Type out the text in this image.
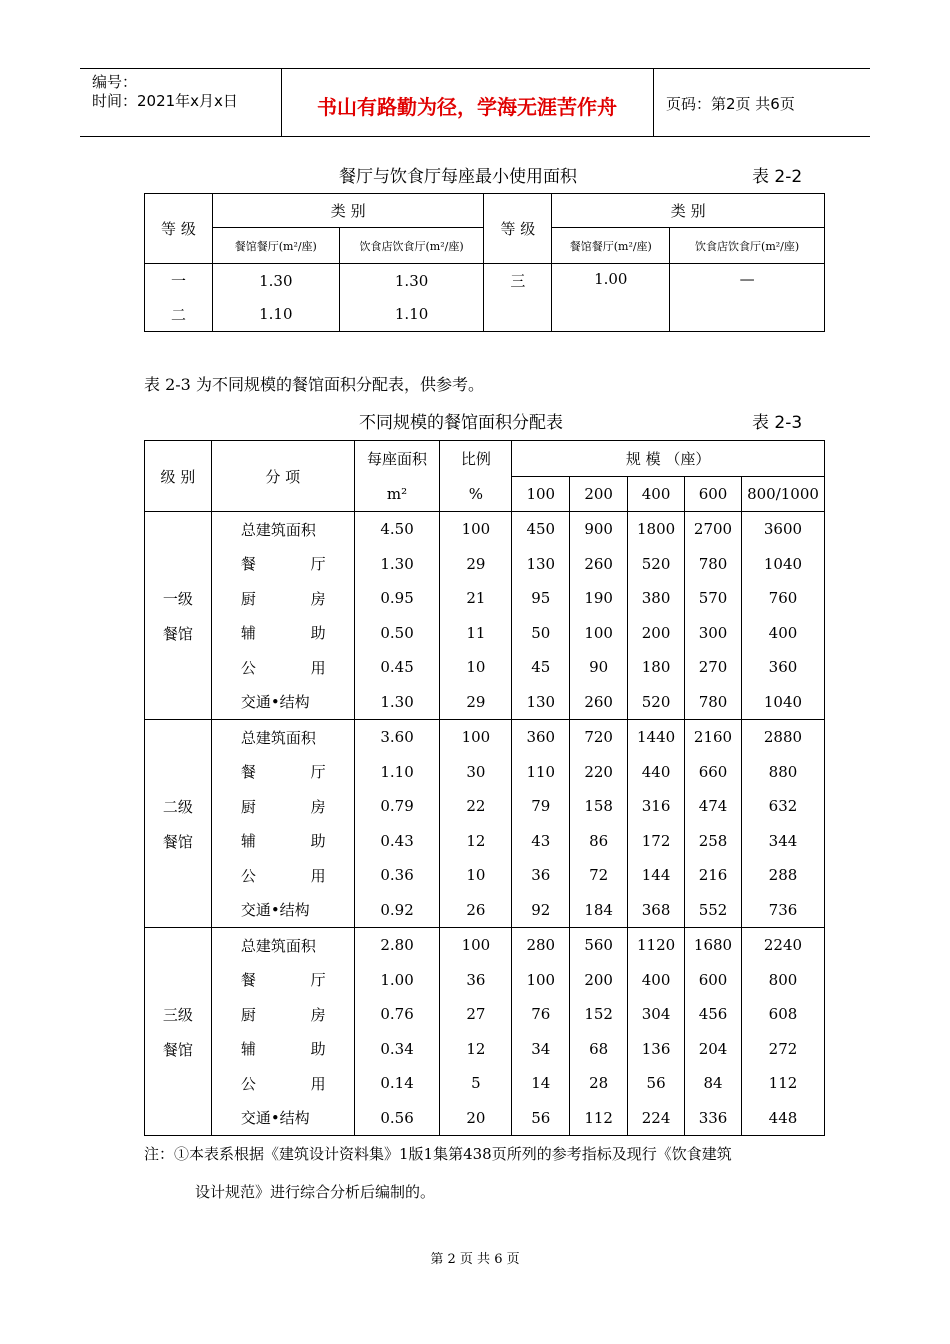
编号：
时间：2021年x月x日	书山有路勤为径，学海无涯苦作舟	页码：第2页 共6页
餐厅与饮食厅每座最小使用面积	表 2-2
等 级	类 别		等 级	类 别	
	餐馆餐厅(m²/座)	饮食店饮食厅(m²/座)		餐馆餐厅(m²/座)	饮食店饮食厅(m²/座)
一	1.30	1.30	三	1.00	—
二	1.10	1.10			
表 2-3 为不同规模的餐馆面积分配表，供参考。
不同规模的餐馆面积分配表	表 2-3
级 别	分 项	每座面积	比例	规 模 （座）				
		m²	%	100	200	400	600	800/1000

一级
餐馆	总建筑面积	4.50	100	450	900	1800	2700	3600

	餐 厅	1.30	29	130	260	520	780	1040

	厨 房	0.95	21	95	190	380	570	760

	辅 助	0.50	11	50	100	200	300	400

	公 用	0.45	10	45	90	180	270	360
	交通•结构	1.30	29	130	260	520	780	1040

二级
餐馆	总建筑面积	3.60	100	360	720	1440	2160	2880

	餐 厅	1.10	30	110	220	440	660	880

	厨 房	0.79	22	79	158	316	474	632

	辅 助	0.43	12	43	86	172	258	344

	公 用	0.36	10	36	72	144	216	288
	交通•结构	0.92	26	92	184	368	552	736

三级
餐馆	总建筑面积	2.80	100	280	560	1120	1680	2240

	餐 厅	1.00	36	100	200	400	600	800

	厨 房	0.76	27	76	152	304	456	608

	辅 助	0.34	12	34	68	136	204	272

	公 用	0.14	5	14	28	56	84	112
	交通•结构	0.56	20	56	112	224	336	448
注：①本表系根据《建筑设计资料集》1版1集第438页所列的参考指标及现行《饮食建筑
设计规范》进行综合分析后编制的。
第 2 页 共 6 页
